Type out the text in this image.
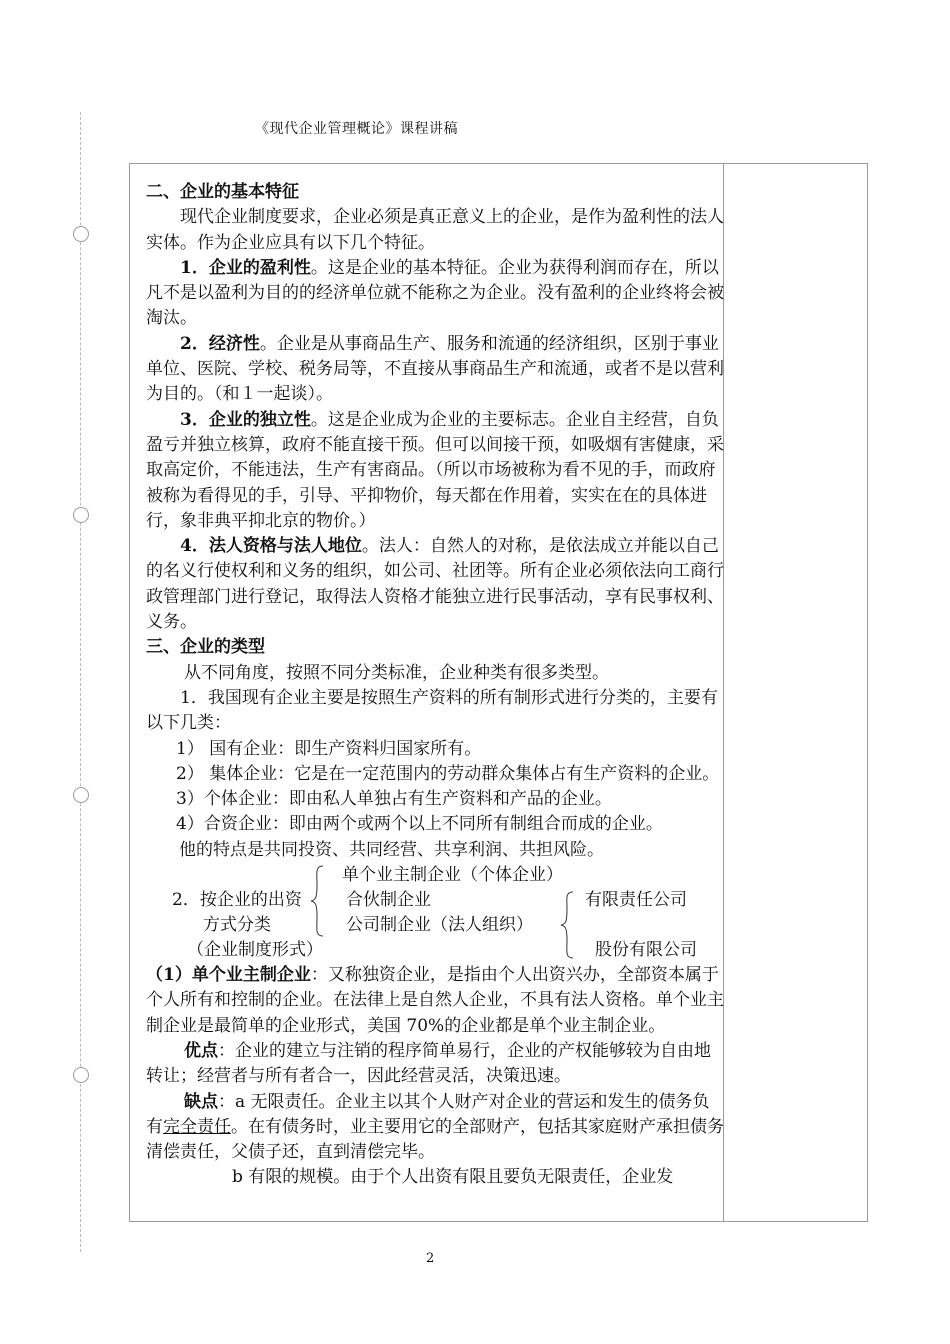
《现代企业管理概论》课程讲稿

二、企业的基本特征

现代企业制度要求，企业必须是真正意义上的企业，是作为盈利性的法人实体。作为企业应具有以下几个特征。

1．企业的盈利性。这是企业的基本特征。企业为获得利润而存在，所以凡不是以盈利为目的的经济单位就不能称之为企业。没有盈利的企业终将会被淘汰。

2．经济性。企业是从事商品生产、服务和流通的经济组织，区别于事业单位、医院、学校、税务局等，不直接从事商品生产和流通，或者不是以营利为目的。（和１一起谈）。

3．企业的独立性。这是企业成为企业的主要标志。企业自主经营，自负盈亏并独立核算，政府不能直接干预。但可以间接干预，如吸烟有害健康，采取高定价，不能违法，生产有害商品。（所以市场被称为看不见的手，而政府被称为看得见的手，引导、平抑物价，每天都在作用着，实实在在的具体进行，象非典平抑北京的物价。）

4．法人资格与法人地位。法人：自然人的对称，是依法成立并能以自己的名义行使权利和义务的组织，如公司、社团等。所有企业必须依法向工商行政管理部门进行登记，取得法人资格才能独立进行民事活动，享有民事权利、义务。

三、企业的类型

从不同角度，按照不同分类标准，企业种类有很多类型。

1．我国现有企业主要是按照生产资料的所有制形式进行分类的，主要有以下几类：

1） 国有企业：即生产资料归国家所有。

2） 集体企业：它是在一定范围内的劳动群众集体占有生产资料的企业。

3）个体企业：即由私人单独占有生产资料和产品的企业。

4）合资企业：即由两个或两个以上不同所有制组合而成的企业。

他的特点是共同投资、共同经营、共享利润、共担风险。

单个业主制企业（个体企业）
2．按企业的出资	合伙制企业	有限责任公司
方式分类	公司制企业（法人组织）
（企业制度形式）	股份有限公司

（1）单个业主制企业：又称独资企业，是指由个人出资兴办，全部资本属于个人所有和控制的企业。在法律上是自然人企业，不具有法人资格。单个业主制企业是最简单的企业形式，美国 70%的企业都是单个业主制企业。

优点：企业的建立与注销的程序简单易行，企业的产权能够较为自由地转让；经营者与所有者合一，因此经营灵活，决策迅速。

缺点：a 无限责任。企业主以其个人财产对企业的营运和发生的债务负有完全责任。在有债务时，业主要用它的全部财产，包括其家庭财产承担债务清偿责任，父债子还，直到清偿完毕。

b 有限的规模。由于个人出资有限且要负无限责任，企业发

2
